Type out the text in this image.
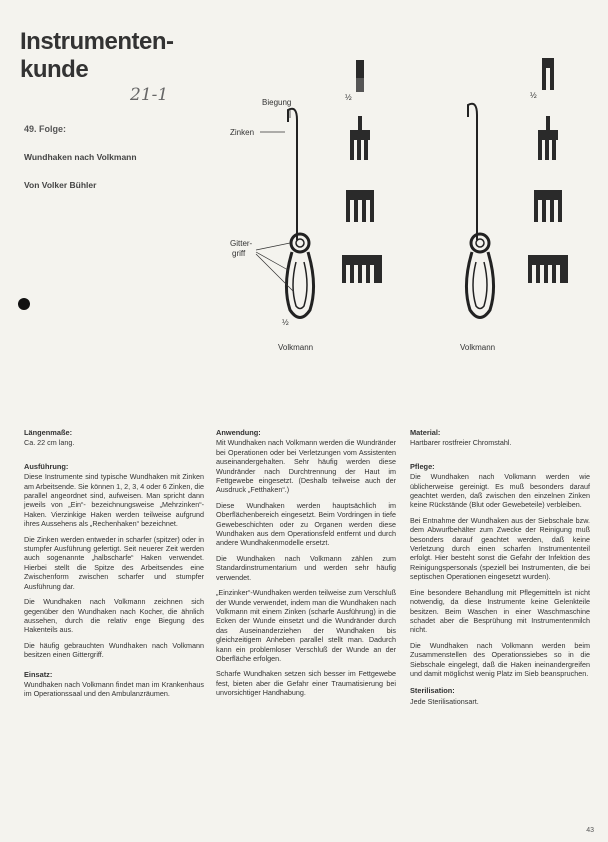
Instrumenten-
kunde
21-1
49. Folge:
Wundhaken nach Volkmann
Von Volker Bühler
Biegung
Zinken
Gitter-
griff
½
Volkmann	Volkmann
½	½
Längenmaße:

Ca. 22 cm lang.

Ausführung:

Diese Instrumente sind typische Wundhaken mit Zinken am Arbeitsende. Sie können 1, 2, 3, 4 oder 6 Zinken, die parallel angeordnet sind, aufweisen. Man spricht dann jeweils von „Ein“- bezeichnungsweise „Mehrzinken“-Haken. Vierzinkige Haken werden teilweise aufgrund ihres Aussehens als „Rechenhaken“ bezeichnet.

Die Zinken werden entweder in scharfer (spitzer) oder in stumpfer Ausführung gefertigt. Seit neuerer Zeit werden auch sogenannte „halbscharfe“ Haken verwendet. Hierbei stellt die Spitze des Arbeitsendes eine Zwischenform zwischen scharfer und stumpfer Ausführung dar.

Die Wundhaken nach Volkmann zeichnen sich gegenüber den Wundhaken nach Kocher, die ähnlich aussehen, durch die relativ enge Biegung des Hakenteils aus.

Die häufig gebrauchten Wundhaken nach Volkmann besitzen einen Gittergriff.

Einsatz:

Wundhaken nach Volkmann findet man im Krankenhaus im Operationssaal und den Ambulanzräumen.

Anwendung:

Mit Wundhaken nach Volkmann werden die Wundränder bei Operationen oder bei Verletzungen vom Assistenten auseinandergehalten. Sehr häufig werden diese Wundränder nach Durchtrennung der Haut im Fettgewebe eingesetzt. (Deshalb teilweise auch der Ausdruck „Fetthaken“.)

Diese Wundhaken werden hauptsächlich im Oberflächenbereich eingesetzt. Beim Vordringen in tiefe Gewebeschichten oder zu Organen werden diese Wundhaken aus dem Operationsfeld entfernt und durch andere Wundhakenmodelle ersetzt.

Die Wundhaken nach Volkmann zählen zum Standardinstrumentarium und werden sehr häufig verwendet.

„Einzinker“-Wundhaken werden teilweise zum Verschluß der Wunde verwendet, indem man die Wundhaken nach Volkmann mit einem Zinken (scharfe Ausführung) in die Ecken der Wunde einsetzt und die Wundränder durch das Auseinanderziehen der Wundhaken bis gleichzeitigem Anheben parallel stellt man. Dadurch kann ein problemloser Verschluß der Wunde an der Oberfläche erfolgen.

Scharfe Wundhaken setzen sich besser im Fettgewebe fest, bieten aber die Gefahr einer Traumatisierung bei unvorsichtiger Handhabung.

Material:

Hartbarer rostfreier Chromstahl.

Pflege:

Die Wundhaken nach Volkmann werden wie üblicherweise gereinigt. Es muß besonders darauf geachtet werden, daß zwischen den einzelnen Zinken keine Rückstände (Blut oder Gewebeteile) verbleiben.

Bei Entnahme der Wundhaken aus der Siebschale bzw. dem Abwurfbehälter zum Zwecke der Reinigung muß besonders darauf geachtet werden, daß keine Verletzung durch einen scharfen Instrumententeil erfolgt. Hier besteht sonst die Gefahr der Infektion des Reinigungspersonals (speziell bei Instrumenten, die bei septischen Operationen eingesetzt wurden).

Eine besondere Behandlung mit Pflegemitteln ist nicht notwendig, da diese Instrumente keine Gelenkteile besitzen. Beim Waschen in einer Waschmaschine schadet aber die Besprühung mit Instrumentenmilch nicht.

Die Wundhaken nach Volkmann werden beim Zusammenstellen des Operationssiebes so in die Siebschale eingelegt, daß die Haken ineinandergreifen und damit möglichst wenig Platz im Sieb beanspruchen.

Sterilisation:

Jede Sterilisationsart.

43
